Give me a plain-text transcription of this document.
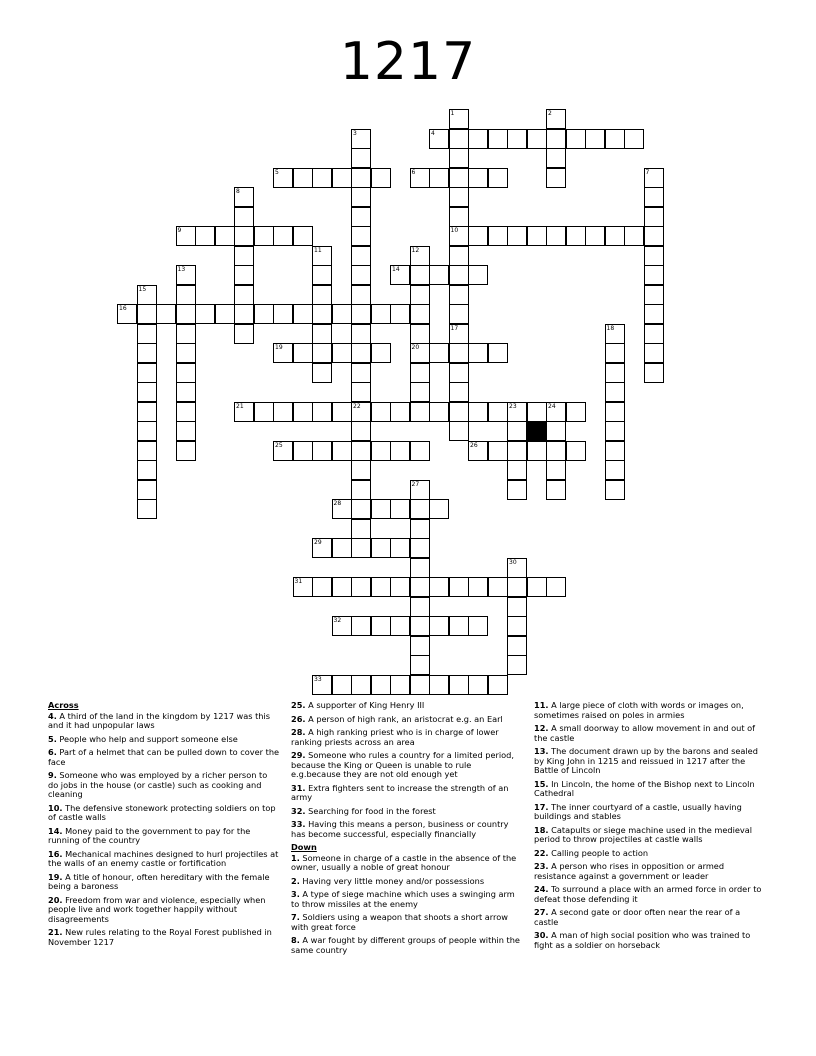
1217
1	2
3	4
5	6	7
8
9	10
11	12
13	14
15
16
17	18
19	20
21	22	23	24
25	26
27
28
29
30
31
32
33
Across
4. A third of the land in the kingdom by 1217 was this and it had unpopular laws
5. People who help and support someone else
6. Part of a helmet that can be pulled down to cover the face
9. Someone who was employed by a richer person to do jobs in the house (or castle) such as cooking and cleaning
10. The defensive stonework protecting soldiers on top of castle walls
14. Money paid to the government to pay for the running of the country
16. Mechanical machines designed to hurl projectiles at the walls of an enemy castle or fortification
19. A title of honour, often hereditary with the female being a baroness
20. Freedom from war and violence, especially when people live and work together happily without disagreements
21. New rules relating to the Royal Forest published in November 1217
25. A supporter of King Henry III
26. A person of high rank, an aristocrat e.g. an Earl
28. A high ranking priest who is in charge of lower ranking priests across an area
29. Someone who rules a country for a limited period, because the King or Queen is unable to rule e.g.because they are not old enough yet
31. Extra fighters sent to increase the strength of an army
32. Searching for food in the forest
33. Having this means a person, business or country has become successful, especially financially
Down
1. Someone in charge of a castle in the absence of the owner, usually a noble of great honour
2. Having very little money and/or possessions
3. A type of siege machine which uses a swinging arm to throw missiles at the enemy
7. Soldiers using a weapon that shoots a short arrow with great force
8. A war fought by different groups of people within the same country
11. A large piece of cloth with words or images on, sometimes raised on poles in armies
12. A small doorway to allow movement in and out of the castle
13. The document drawn up by the barons and sealed by King John in 1215 and reissued in 1217 after the Battle of Lincoln
15. In Lincoln, the home of the Bishop next to Lincoln Cathedral
17. The inner courtyard of a castle, usually having buildings and stables
18. Catapults or siege machine used in the medieval period to throw projectiles at castle walls
22. Calling people to action
23. A person who rises in opposition or armed resistance against a government or leader
24. To surround a place with an armed force in order to defeat those defending it
27. A second gate or door often near the rear of a castle
30. A man of high social position who was trained to fight as a soldier on horseback
